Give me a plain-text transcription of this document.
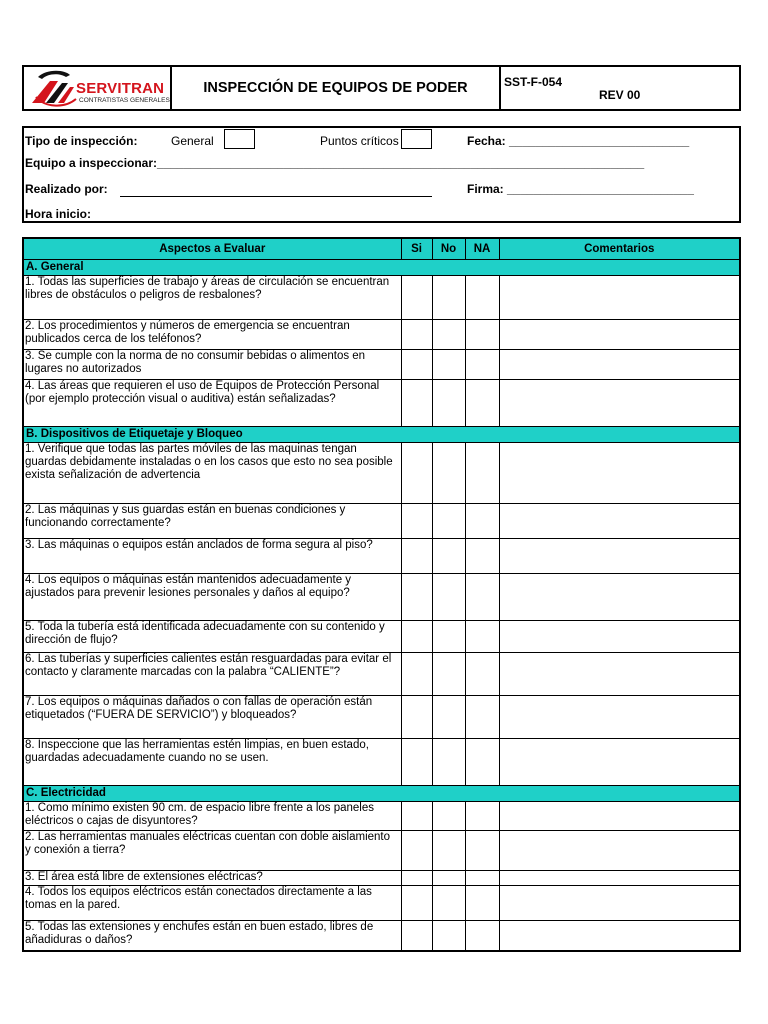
SERVITRAN
CONTRATISTAS GENERALES
INSPECCIÓN DE EQUIPOS DE PODER	SST-F-054
REV 00
Tipo de inspección:	General	Puntos críticos	Fecha: ___________________________
Equipo a inspeccionar:_________________________________________________________________________
Realizado por:	Firma: ____________________________
Hora inicio:
Aspectos a Evaluar	Si	No	NA	Comentarios
A. General				
1. Todas las superficies de trabajo y áreas de circulación se encuentran libres de obstáculos o peligros de resbalones?				
2. Los procedimientos y números de emergencia se encuentran publicados cerca de los teléfonos?				
3. Se cumple con la norma de no consumir bebidas o alimentos en lugares no autorizados				
4. Las áreas que requieren el uso de Equipos de Protección Personal (por ejemplo protección visual o auditiva) están señalizadas?				
B. Dispositivos de Etiquetaje y Bloqueo				
1. Verifique que todas las partes móviles de las maquinas tengan guardas debidamente instaladas o en los casos que esto no sea posible exista señalización de advertencia				
2. Las máquinas y sus guardas están en buenas condiciones y funcionando correctamente?				
3. Las máquinas o equipos están anclados de forma segura al piso?				
4. Los equipos o máquinas están mantenidos adecuadamente y ajustados para prevenir lesiones personales y daños al equipo?				
5. Toda la tubería está identificada adecuadamente con su contenido y dirección de flujo?				
6. Las tuberías y superficies calientes están resguardadas para evitar el contacto y claramente marcadas con la palabra “CALIENTE”?				
7. Los equipos o máquinas dañados o con fallas de operación están etiquetados (“FUERA DE SERVICIO”) y bloqueados?				
8. Inspeccione que las herramientas estén limpias, en buen estado, guardadas adecuadamente cuando no se usen.				
C. Electricidad				
1. Como mínimo existen 90 cm. de espacio libre frente a los paneles eléctricos o cajas de disyuntores?				
2. Las herramientas manuales eléctricas cuentan con doble aislamiento y conexión a tierra?				
3. El área está libre de extensiones eléctricas?				
4. Todos los equipos eléctricos están conectados directamente a las tomas en la pared.				
5. Todas las extensiones y enchufes están en buen estado, libres de añadiduras o daños?				
